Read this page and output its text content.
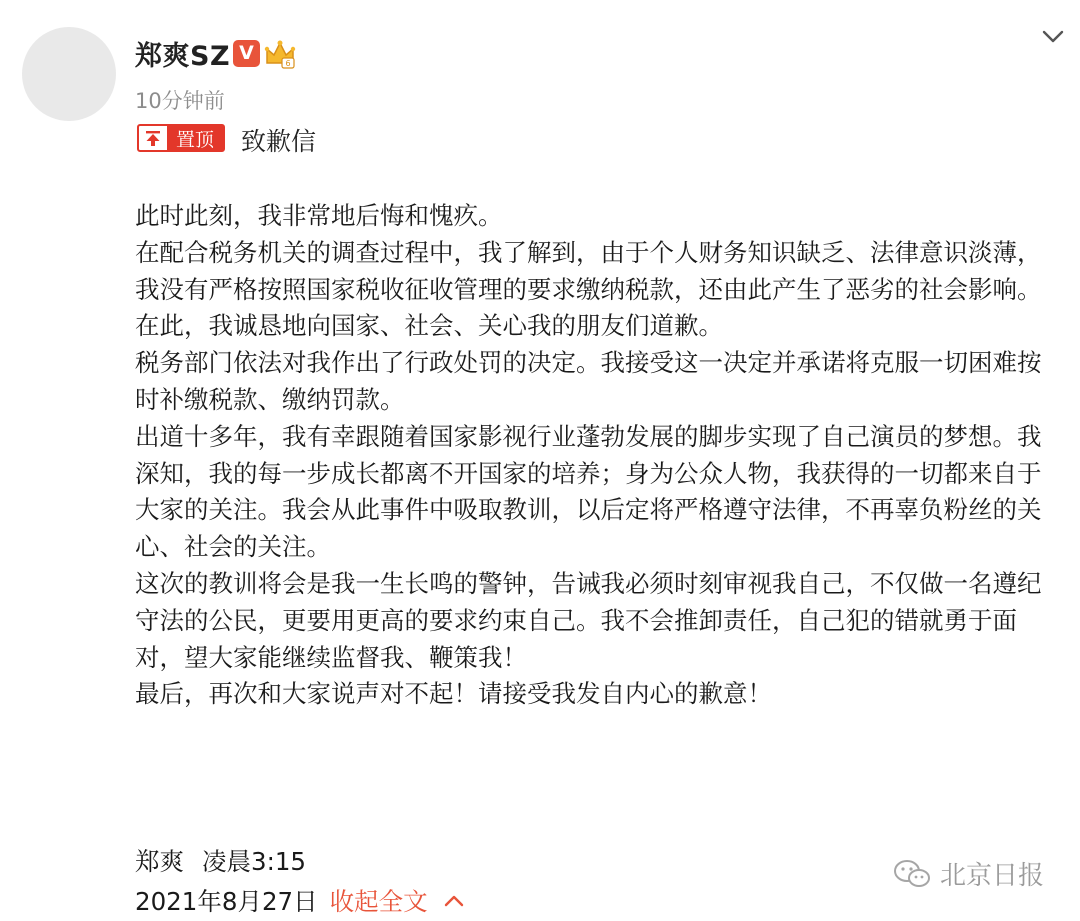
郑爽SZ V	6
10分钟前
置顶	致歉信

此时此刻，我非常地后悔和愧疚。

在配合税务机关的调查过程中，我了解到，由于个人财务知识缺乏、法律意识淡薄，我没有严格按照国家税收征收管理的要求缴纳税款，还由此产生了恶劣的社会影响。在此，我诚恳地向国家、社会、关心我的朋友们道歉。

税务部门依法对我作出了行政处罚的决定。我接受这一决定并承诺将克服一切困难按时补缴税款、缴纳罚款。

出道十多年，我有幸跟随着国家影视行业蓬勃发展的脚步实现了自己演员的梦想。我深知，我的每一步成长都离不开国家的培养；身为公众人物，我获得的一切都来自于大家的关注。我会从此事件中吸取教训，以后定将严格遵守法律，不再辜负粉丝的关心、社会的关注。

这次的教训将会是我一生长鸣的警钟，告诫我必须时刻审视我自己，不仅做一名遵纪守法的公民，更要用更高的要求约束自己。我不会推卸责任，自己犯的错就勇于面对，望大家能继续监督我、鞭策我！

最后，再次和大家说声对不起！请接受我发自内心的歉意！

郑爽 凌晨3:15
2021年8月27日 收起全文
北京日报
